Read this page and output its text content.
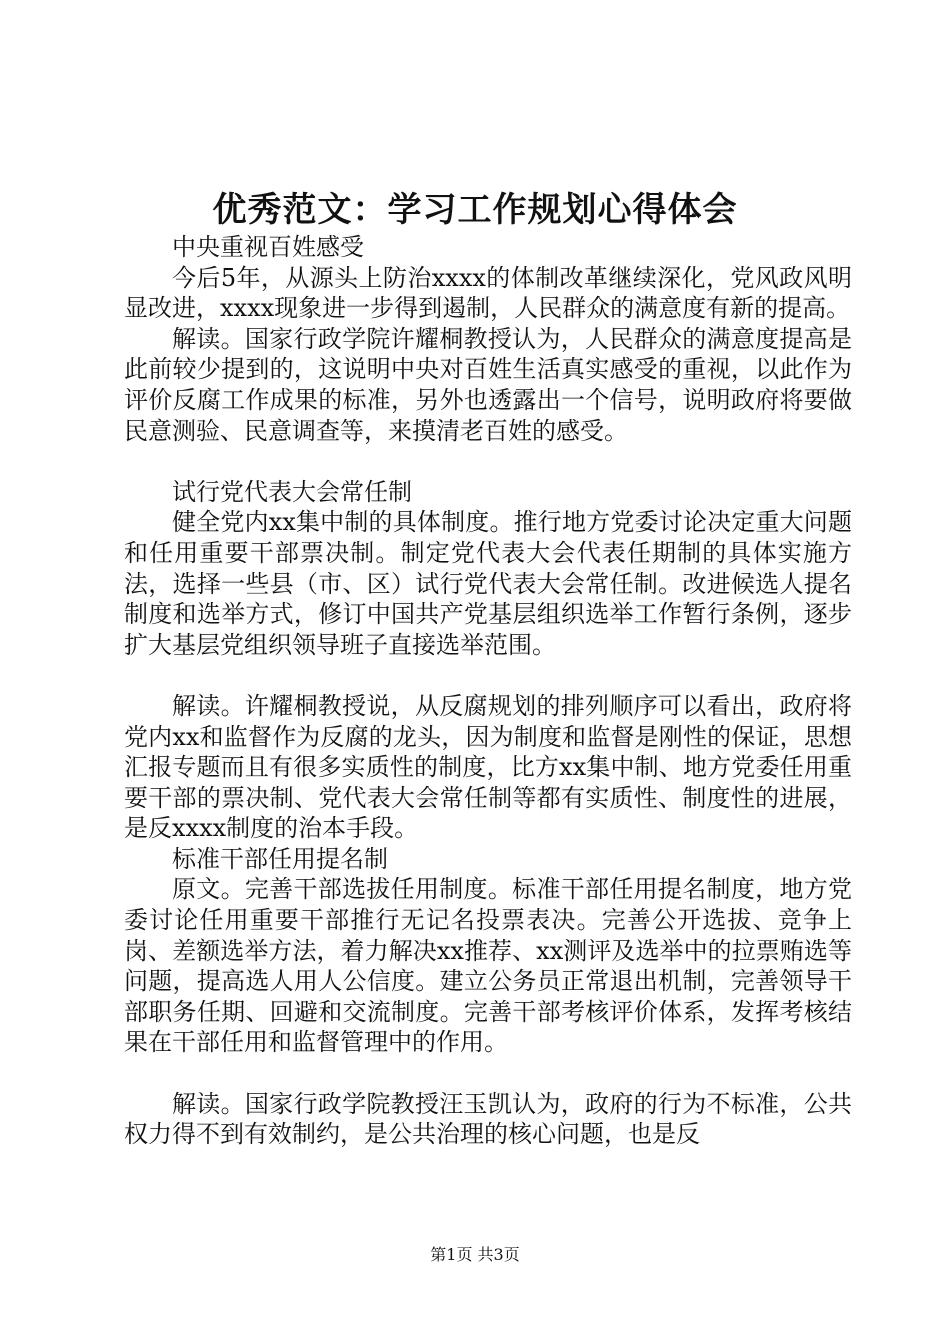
优秀范文：学习工作规划心得体会

中央重视百姓感受

今后5年，从源头上防治xxxx的体制改革继续深化，党风政风明显改进，xxxx现象进一步得到遏制，人民群众的满意度有新的提高。

解读。国家行政学院许耀桐教授认为，人民群众的满意度提高是此前较少提到的，这说明中央对百姓生活真实感受的重视，以此作为评价反腐工作成果的标准，另外也透露出一个信号，说明政府将要做民意测验、民意调查等，来摸清老百姓的感受。

试行党代表大会常任制

健全党内xx集中制的具体制度。推行地方党委讨论决定重大问题和任用重要干部票决制。制定党代表大会代表任期制的具体实施方法，选择一些县（市、区）试行党代表大会常任制。改进候选人提名制度和选举方式，修订中国共产党基层组织选举工作暂行条例，逐步扩大基层党组织领导班子直接选举范围。

解读。许耀桐教授说，从反腐规划的排列顺序可以看出，政府将党内xx和监督作为反腐的龙头，因为制度和监督是刚性的保证，思想汇报专题而且有很多实质性的制度，比方xx集中制、地方党委任用重要干部的票决制、党代表大会常任制等都有实质性、制度性的进展，是反xxxx制度的治本手段。

标准干部任用提名制

原文。完善干部选拔任用制度。标准干部任用提名制度，地方党委讨论任用重要干部推行无记名投票表决。完善公开选拔、竞争上岗、差额选举方法，着力解决xx推荐、xx测评及选举中的拉票贿选等问题，提高选人用人公信度。建立公务员正常退出机制，完善领导干部职务任期、回避和交流制度。完善干部考核评价体系，发挥考核结果在干部任用和监督管理中的作用。

解读。国家行政学院教授汪玉凯认为，政府的行为不标准，公共权力得不到有效制约，是公共治理的核心问题，也是反

第1页 共3页
